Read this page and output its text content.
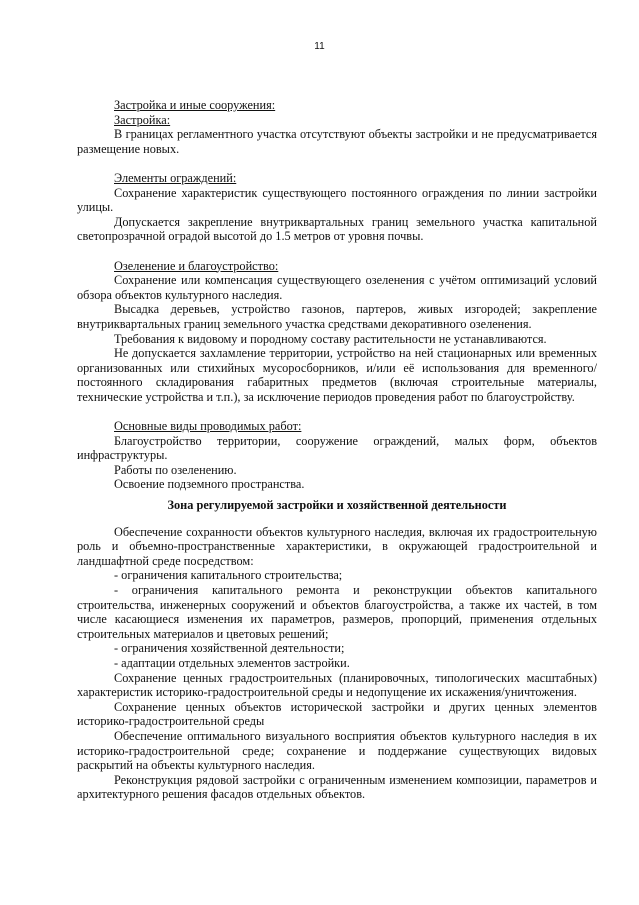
11

Застройка и иные сооружения:

Застройка:

В границах регламентного участка отсутствуют объекты застройки и не предусматривается размещение новых.

Элементы ограждений:

Сохранение характеристик существующего постоянного ограждения по линии застройки улицы.

Допускается закрепление внутриквартальных границ земельного участка капитальной светопрозрачной оградой высотой до 1.5 метров от уровня почвы.

Озеленение и благоустройство:

Сохранение или компенсация существующего озеленения с учётом оптимизаций условий обзора объектов культурного наследия.

Высадка деревьев, устройство газонов, партеров, живых изгородей; закрепление внутриквартальных границ земельного участка средствами декоративного озеленения.

Требования к видовому и породному составу растительности не устанавливаются.

Не допускается захламление территории, устройство на ней стационарных или временных организованных или стихийных мусоросборников, и/или её использования для временного/постоянного складирования габаритных предметов (включая строительные материалы, технические устройства и т.п.), за исключение периодов проведения работ по благоустройству.

Основные виды проводимых работ:

Благоустройство территории, сооружение ограждений, малых форм, объектов инфраструктуры.

Работы по озеленению.

Освоение подземного пространства.

Зона регулируемой застройки и хозяйственной деятельности

Обеспечение сохранности объектов культурного наследия, включая их градостроительную роль и объемно-пространственные характеристики, в окружающей градостроительной и ландшафтной среде посредством:

- ограничения капитального строительства;

- ограничения капитального ремонта и реконструкции объектов капитального строительства, инженерных сооружений и объектов благоустройства, а также их частей, в том числе касающиеся изменения их параметров, размеров, пропорций, применения отдельных строительных материалов и цветовых решений;

- ограничения хозяйственной деятельности;

- адаптации отдельных элементов застройки.

Сохранение ценных градостроительных (планировочных, типологических масштабных) характеристик историко-градостроительной среды и недопущение их искажения/уничтожения.

Сохранение ценных объектов исторической застройки и других ценных элементов историко-градостроительной среды

Обеспечение оптимального визуального восприятия объектов культурного наследия в их историко-градостроительной среде; сохранение и поддержание существующих видовых раскрытий на объекты культурного наследия.

Реконструкция рядовой застройки с ограниченным изменением композиции, параметров и архитектурного решения фасадов отдельных объектов.
